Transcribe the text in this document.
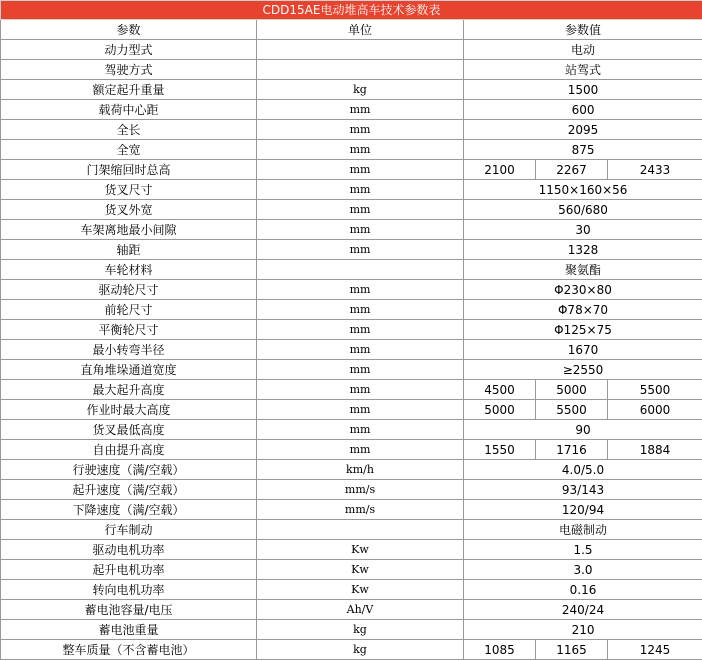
CDD15AE电动堆高车技术参数表				
参数	单位	参数值		
动力型式		电动		
驾驶方式		站驾式		
额定起升重量	kg	1500		
载荷中心距	mm	600		
全长	mm	2095		
全宽	mm	875		
门架缩回时总高	mm	2100	2267	2433
货叉尺寸	mm	1150×160×56		
货叉外宽	mm	560/680		
车架离地最小间隙	mm	30		
轴距	mm	1328		
车轮材料		聚氨酯		
驱动轮尺寸	mm	Φ230×80		
前轮尺寸	mm	Φ78×70		
平衡轮尺寸	mm	Φ125×75		
最小转弯半径	mm	1670		
直角堆垛通道宽度	mm	≥2550		
最大起升高度	mm	4500	5000	5500
作业时最大高度	mm	5000	5500	6000
货叉最低高度	mm	90		
自由提升高度	mm	1550	1716	1884
行驶速度（满/空载）	km/h	4.0/5.0		
起升速度（满/空载）	mm/s	93/143		
下降速度（满/空载）	mm/s	120/94		
行车制动		电磁制动		
驱动电机功率	Kw	1.5		
起升电机功率	Kw	3.0		
转向电机功率	Kw	0.16		
蓄电池容量/电压	Ah/V	240/24		
蓄电池重量	kg	210		
整车质量（不含蓄电池）	kg	1085	1165	1245
